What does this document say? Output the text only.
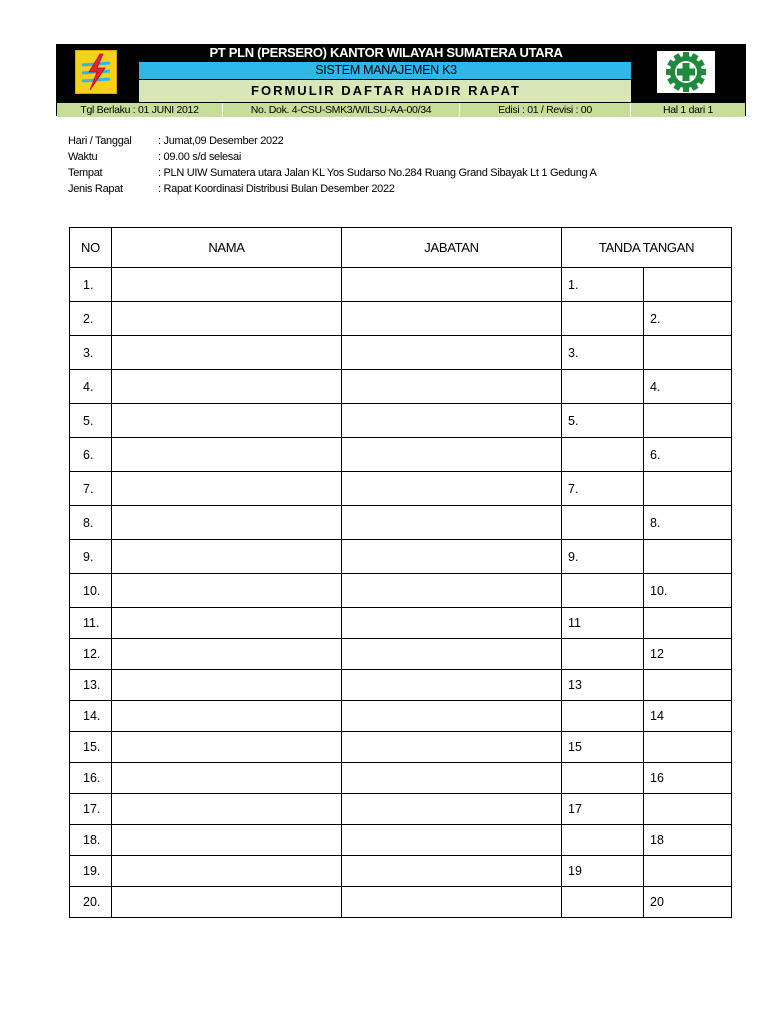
PT PLN (PERSERO) KANTOR WILAYAH SUMATERA UTARA
SISTEM MANAJEMEN K3
FORMULIR DAFTAR HADIR RAPAT
Tgl Berlaku : 01 JUNI 2012	No. Dok. 4-CSU-SMK3/WILSU-AA-00/34	Edisi : 01 / Revisi : 00	Hal 1 dari 1
Hari / Tanggal	: Jumat,09 Desember 2022
Waktu	: 09.00 s/d selesai
Tempat	: PLN UIW Sumatera utara Jalan KL Yos Sudarso No.284 Ruang Grand Sibayak Lt 1 Gedung A
Jenis Rapat	: Rapat Koordinasi Distribusi Bulan Desember 2022
NO	NAMA	JABATAN	TANDA TANGAN	
1.			1.	
2.				2.
3.			3.	
4.				4.
5.			5.	
6.				6.
7.			7.	
8.				8.
9.			9.	
10.				10.
11.			11	
12.				12
13.			13	
14.				14
15.			15	
16.				16
17.			17	
18.				18
19.			19	
20.				20
